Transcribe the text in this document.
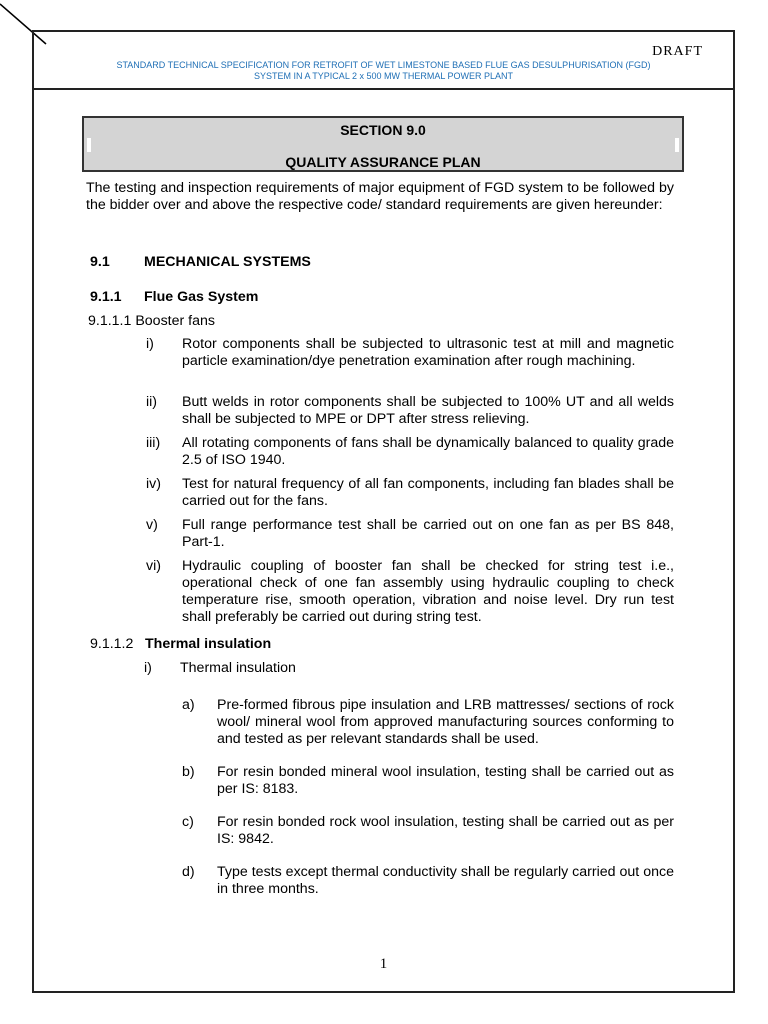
DRAFT
STANDARD TECHNICAL SPECIFICATION FOR RETROFIT OF WET LIMESTONE BASED FLUE GAS DESULPHURISATION (FGD)
SYSTEM IN A TYPICAL 2 x 500 MW THERMAL POWER PLANT
SECTION 9.0
QUALITY ASSURANCE PLAN
The testing and inspection requirements of major equipment of FGD system to be followed by the bidder over and above the respective code/ standard requirements are given hereunder:
9.1 MECHANICAL SYSTEMS
9.1.1 Flue Gas System
9.1.1.1 Booster fans
i) Rotor components shall be subjected to ultrasonic test at mill and magnetic particle examination/dye penetration examination after rough machining.
ii) Butt welds in rotor components shall be subjected to 100% UT and all welds shall be subjected to MPE or DPT after stress relieving.
iii) All rotating components of fans shall be dynamically balanced to quality grade 2.5 of ISO 1940.
iv) Test for natural frequency of all fan components, including fan blades shall be carried out for the fans.
v) Full range performance test shall be carried out on one fan as per BS 848, Part-1.
vi) Hydraulic coupling of booster fan shall be checked for string test i.e., operational check of one fan assembly using hydraulic coupling to check temperature rise, smooth operation, vibration and noise level. Dry run test shall preferably be carried out during string test.
9.1.1.2 Thermal insulation
i) Thermal insulation
a) Pre-formed fibrous pipe insulation and LRB mattresses/ sections of rock wool/ mineral wool from approved manufacturing sources conforming to and tested as per relevant standards shall be used.
b) For resin bonded mineral wool insulation, testing shall be carried out as per IS: 8183.
c) For resin bonded rock wool insulation, testing shall be carried out as per IS: 9842.
d) Type tests except thermal conductivity shall be regularly carried out once in three months.
1
